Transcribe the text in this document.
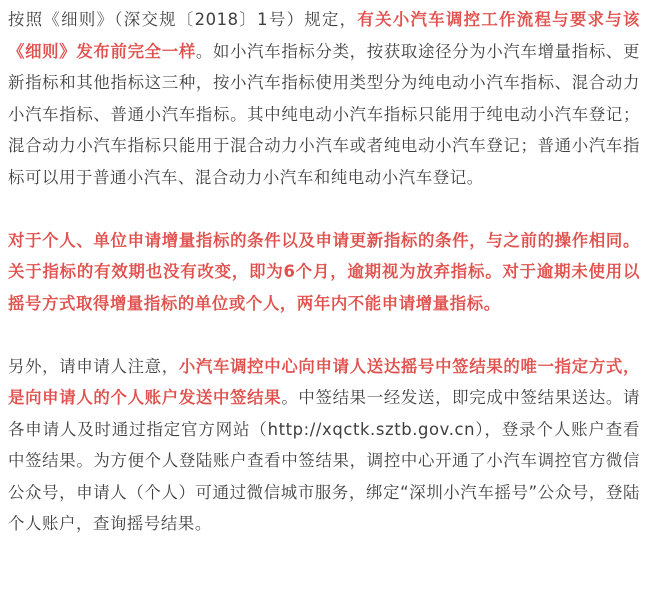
按照《细则》（深交规〔2018〕1号）规定，有关小汽车调控工作流程与要求与该《细则》发布前完全一样。如小汽车指标分类，按获取途径分为小汽车增量指标、更新指标和其他指标这三种，按小汽车指标使用类型分为纯电动小汽车指标、混合动力小汽车指标、普通小汽车指标。其中纯电动小汽车指标只能用于纯电动小汽车登记；混合动力小汽车指标只能用于混合动力小汽车或者纯电动小汽车登记；普通小汽车指标可以用于普通小汽车、混合动力小汽车和纯电动小汽车登记。

对于个人、单位申请增量指标的条件以及申请更新指标的条件，与之前的操作相同。关于指标的有效期也没有改变，即为6个月，逾期视为放弃指标。对于逾期未使用以摇号方式取得增量指标的单位或个人，两年内不能申请增量指标。

另外，请申请人注意，小汽车调控中心向申请人送达摇号中签结果的唯一指定方式，是向申请人的个人账户发送中签结果。中签结果一经发送，即完成中签结果送达。请各申请人及时通过指定官方网站（http://xqctk.sztb.gov.cn），登录个人账户查看中签结果。为方便个人登陆账户查看中签结果，调控中心开通了小汽车调控官方微信公众号，申请人（个人）可通过微信城市服务，绑定“深圳小汽车摇号”公众号，登陆个人账户，查询摇号结果。
